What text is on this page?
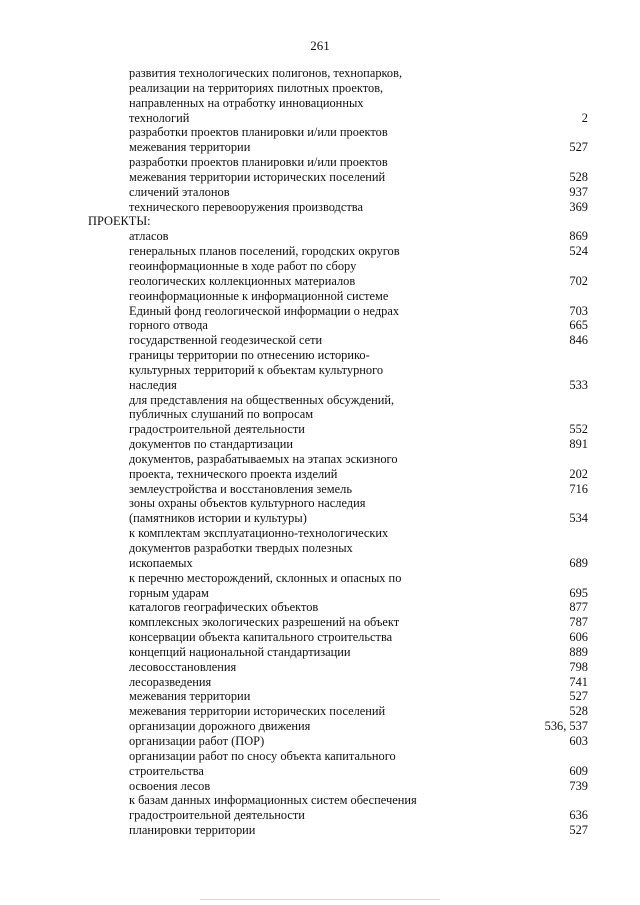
261
развития технологических полигонов, технопарков,
реализации на территориях пилотных проектов,
направленных на отработку инновационных
технологий	2
разработки проектов планировки и/или проектов
межевания территории	527
разработки проектов планировки и/или проектов
межевания территории исторических поселений	528
сличений эталонов	937
технического перевооружения производства	369
ПРОЕКТЫ:
атласов	869
генеральных планов поселений, городских округов	524
геоинформационные в ходе работ по сбору
геологических коллекционных материалов	702
геоинформационные к информационной системе
Единый фонд геологической информации о недрах	703
горного отвода	665
государственной геодезической сети	846
границы территории по отнесению историко-
культурных территорий к объектам культурного
наследия	533
для представления на общественных обсуждений,
публичных слушаний по вопросам
градостроительной деятельности	552
документов по стандартизации	891
документов, разрабатываемых на этапах эскизного
проекта, технического проекта изделий	202
землеустройства и восстановления земель	716
зоны охраны объектов культурного наследия
(памятников истории и культуры)	534
к комплектам эксплуатационно-технологических
документов разработки твердых полезных
ископаемых	689
к перечню месторождений, склонных и опасных по
горным ударам	695
каталогов географических объектов	877
комплексных экологических разрешений на объект	787
консервации объекта капитального строительства	606
концепций национальной стандартизации	889
лесовосстановления	798
лесоразведения	741
межевания территории	527
межевания территории исторических поселений	528
организации дорожного движения	536, 537
организации работ (ПОР)	603
организации работ по сносу объекта капитального
строительства	609
освоения лесов	739
к базам данных информационных систем обеспечения
градостроительной деятельности	636
планировки территории	527
